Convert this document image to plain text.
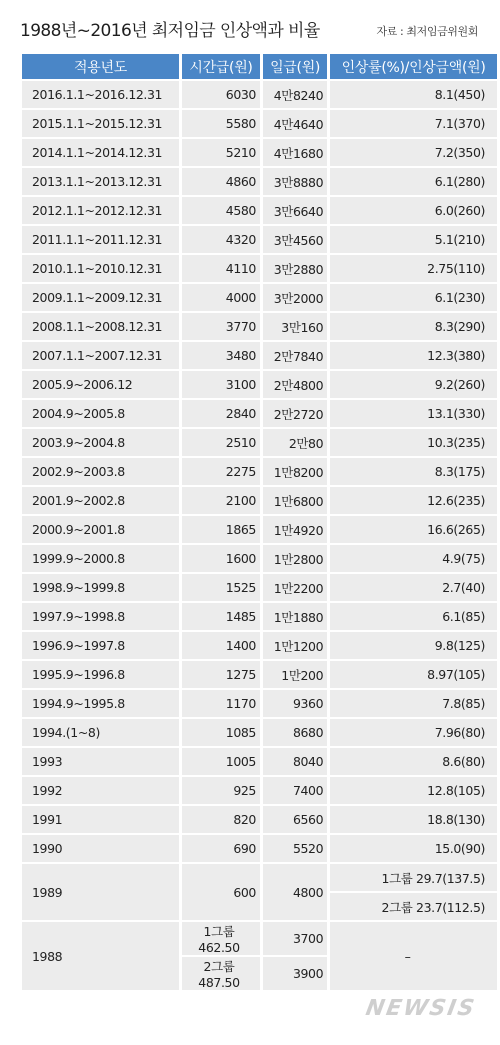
1988년~2016년 최저임금 인상액과 비율	자료 : 최저임금위원회
적용년도	시간급(원)	일급(원)	인상률(%)/인상금액(원)
2016.1.1~2016.12.31	6030	4만8240	8.1(450)
2015.1.1~2015.12.31	5580	4만4640	7.1(370)
2014.1.1~2014.12.31	5210	4만1680	7.2(350)
2013.1.1~2013.12.31	4860	3만8880	6.1(280)
2012.1.1~2012.12.31	4580	3만6640	6.0(260)
2011.1.1~2011.12.31	4320	3만4560	5.1(210)
2010.1.1~2010.12.31	4110	3만2880	2.75(110)
2009.1.1~2009.12.31	4000	3만2000	6.1(230)
2008.1.1~2008.12.31	3770	3만160	8.3(290)
2007.1.1~2007.12.31	3480	2만7840	12.3(380)
2005.9~2006.12	3100	2만4800	9.2(260)
2004.9~2005.8	2840	2만2720	13.1(330)
2003.9~2004.8	2510	2만80	10.3(235)
2002.9~2003.8	2275	1만8200	8.3(175)
2001.9~2002.8	2100	1만6800	12.6(235)
2000.9~2001.8	1865	1만4920	16.6(265)
1999.9~2000.8	1600	1만2800	4.9(75)
1998.9~1999.8	1525	1만2200	2.7(40)
1997.9~1998.8	1485	1만1880	6.1(85)
1996.9~1997.8	1400	1만1200	9.8(125)
1995.9~1996.8	1275	1만200	8.97(105)
1994.9~1995.8	1170	9360	7.8(85)
1994.(1~8)	1085	8680	7.96(80)
1993	1005	8040	8.6(80)
1992	925	7400	12.8(105)
1991	820	6560	18.8(130)
1990	690	5520	15.0(90)
1989	600	4800	1그룹 29.7(137.5)
			2그룹 23.7(112.5)
1988	1그룹 462.50	3700	–
	2그룹 487.50	3900	
NEWSIS
